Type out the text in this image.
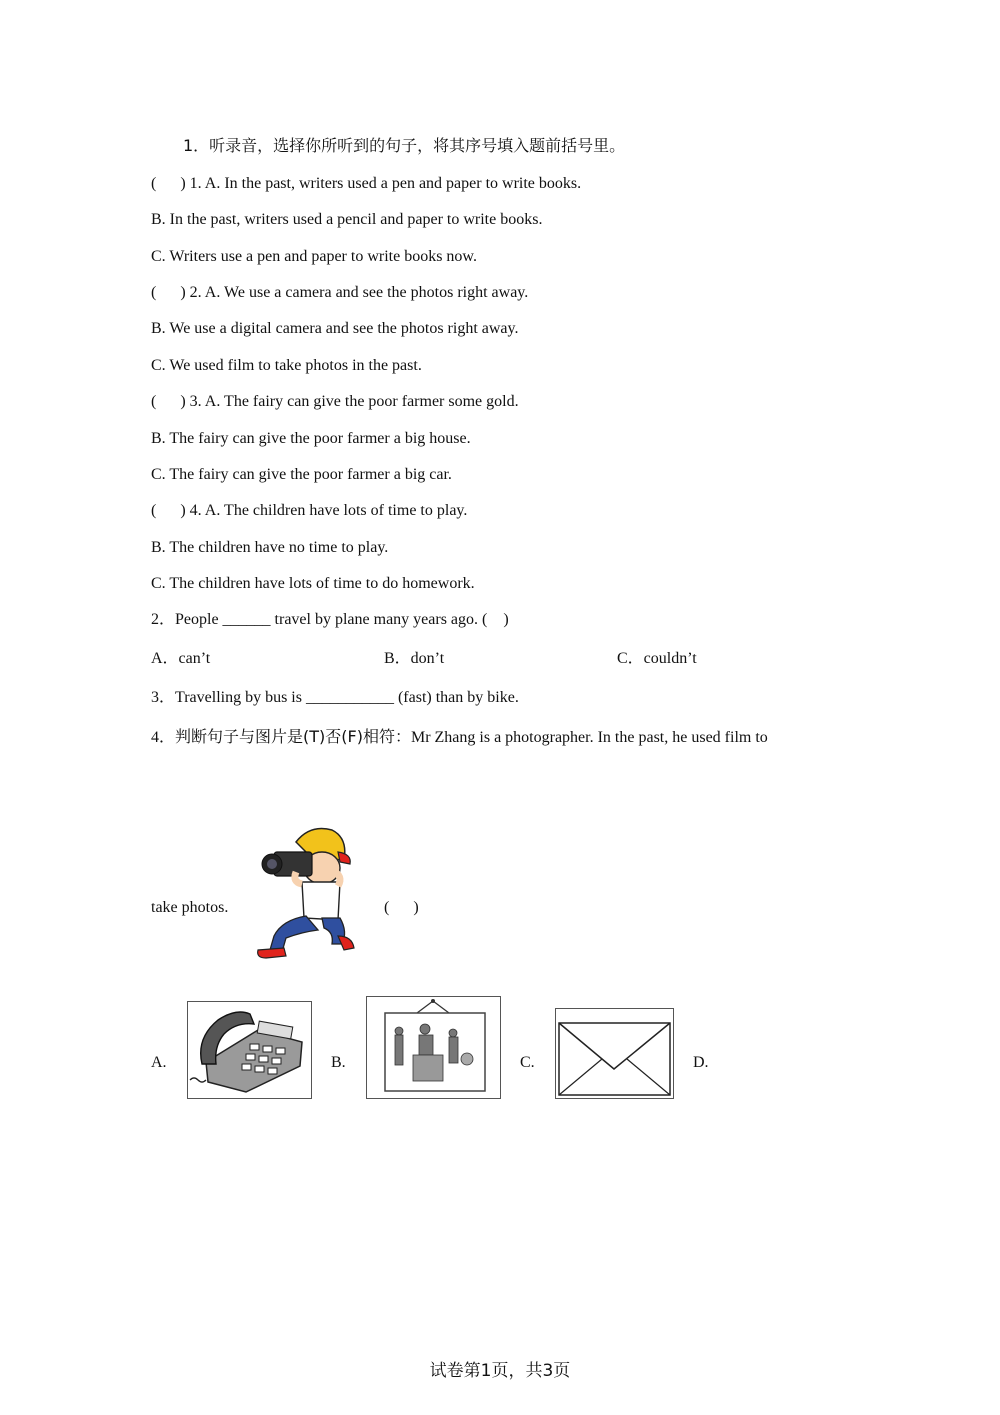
1．听录音，选择你所听到的句子，将其序号填入题前括号里。
(      ) 1. A. In the past, writers used a pen and paper to write books.
B. In the past, writers used a pencil and paper to write books.
C. Writers use a pen and paper to write books now.
(      ) 2. A. We use a camera and see the photos right away.
B. We use a digital camera and see the photos right away.
C. We used film to take photos in the past.
(      ) 3. A. The fairy can give the poor farmer some gold.
B. The fairy can give the poor farmer a big house.
C. The fairy can give the poor farmer a big car.
(      ) 4. A. The children have lots of time to play.
B. The children have no time to play.
C. The children have lots of time to do homework.
2．People ______ travel by plane many years ago. (    )
A．can’t	B．don’t	C．couldn’t
3．Travelling by bus is ___________ (fast) than by bike.
4．判断句子与图片是(T)否(F)相符：Mr Zhang is a photographer. In the past, he used film to
take photos.	(      )
A.	B.	C.	D.
试卷第1页，共3页
